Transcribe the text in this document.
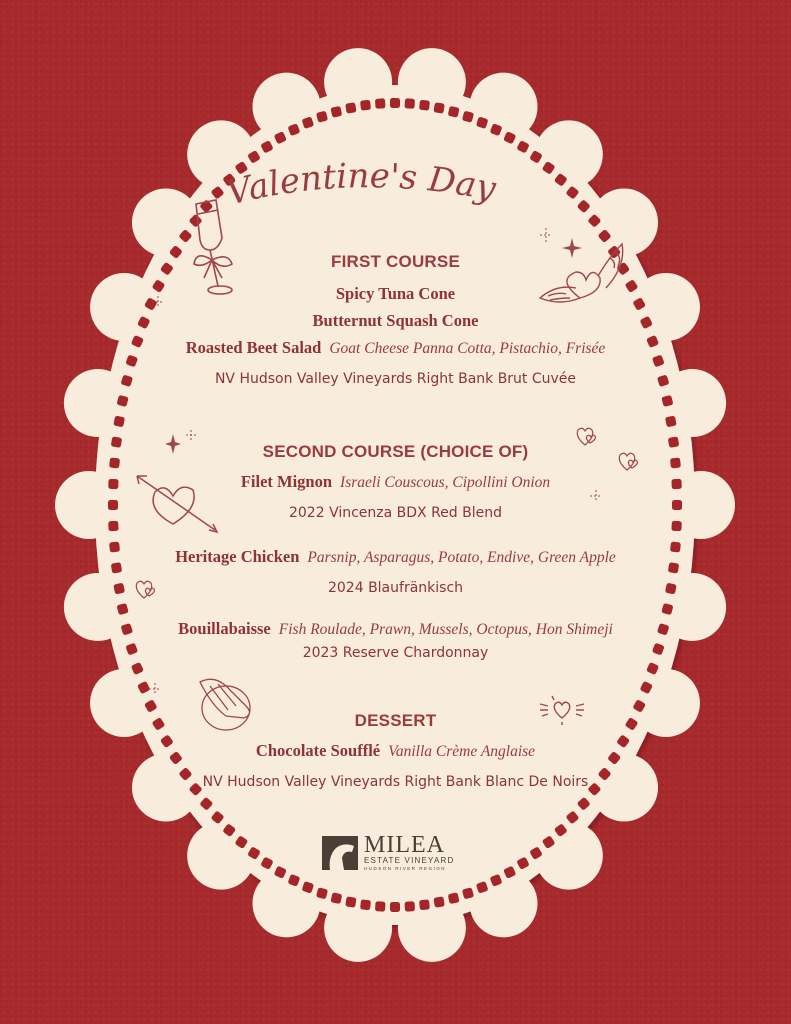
Valentine's Day
FIRST COURSE
Spicy Tuna Cone
Butternut Squash Cone
Roasted Beet Salad Goat Cheese Panna Cotta, Pistachio, Frisée
NV Hudson Valley Vineyards Right Bank Brut Cuvée
SECOND COURSE (CHOICE OF)
Filet Mignon Israeli Couscous, Cipollini Onion
2022 Vincenza BDX Red Blend
Heritage Chicken Parsnip, Asparagus, Potato, Endive, Green Apple
2024 Blaufränkisch
Bouillabaisse Fish Roulade, Prawn, Mussels, Octopus, Hon Shimeji
2023 Reserve Chardonnay
DESSERT
Chocolate Soufflé Vanilla Crème Anglaise
NV Hudson Valley Vineyards Right Bank Blanc De Noirs
MILEA
ESTATE VINEYARD
HUDSON RIVER REGION
